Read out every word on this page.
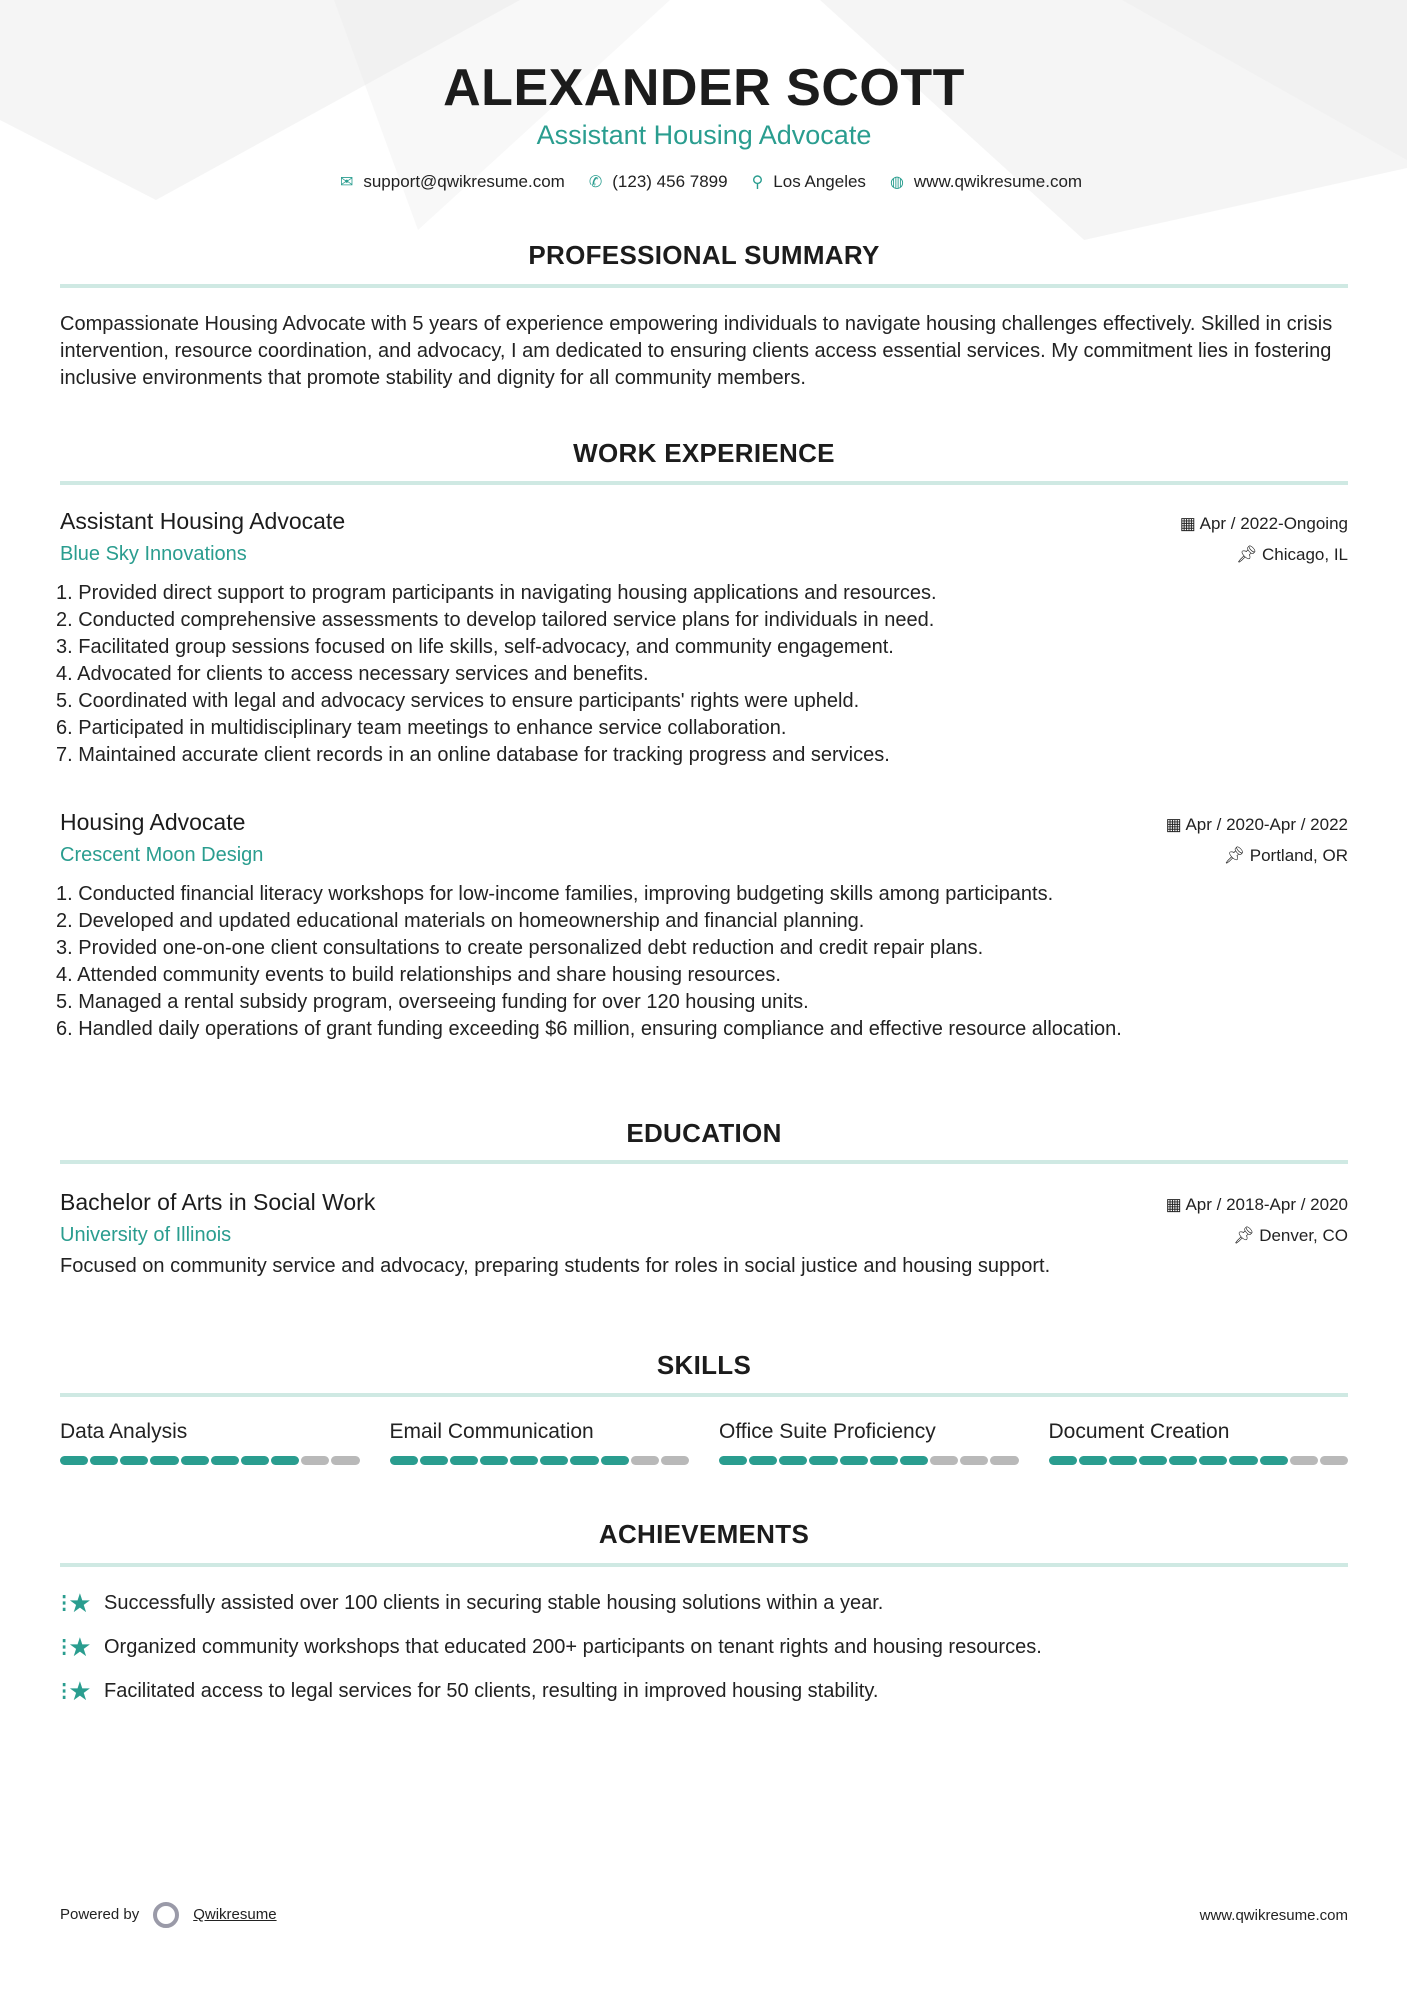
ALEXANDER SCOTT
Assistant Housing Advocate
✉ support@qwikresume.com ✆ (123) 456 7899 ⚲ Los Angeles ◍ www.qwikresume.com
PROFESSIONAL SUMMARY
Compassionate Housing Advocate with 5 years of experience empowering individuals to navigate housing challenges effectively. Skilled in crisis intervention, resource coordination, and advocacy, I am dedicated to ensuring clients access essential services. My commitment lies in fostering inclusive environments that promote stability and dignity for all community members.
WORK EXPERIENCE
Assistant Housing Advocate	▦ Apr / 2022-Ongoing
Blue Sky Innovations	📌︎ Chicago, IL
1. Provided direct support to program participants in navigating housing applications and resources.
2. Conducted comprehensive assessments to develop tailored service plans for individuals in need.
3. Facilitated group sessions focused on life skills, self-advocacy, and community engagement.
4. Advocated for clients to access necessary services and benefits.
5. Coordinated with legal and advocacy services to ensure participants' rights were upheld.
6. Participated in multidisciplinary team meetings to enhance service collaboration.
7. Maintained accurate client records in an online database for tracking progress and services.
Housing Advocate	▦ Apr / 2020-Apr / 2022
Crescent Moon Design	📌︎ Portland, OR
1. Conducted financial literacy workshops for low-income families, improving budgeting skills among participants.
2. Developed and updated educational materials on homeownership and financial planning.
3. Provided one-on-one client consultations to create personalized debt reduction and credit repair plans.
4. Attended community events to build relationships and share housing resources.
5. Managed a rental subsidy program, overseeing funding for over 120 housing units.
6. Handled daily operations of grant funding exceeding $6 million, ensuring compliance and effective resource allocation.
EDUCATION
Bachelor of Arts in Social Work	▦ Apr / 2018-Apr / 2020
University of Illinois	📌︎ Denver, CO
Focused on community service and advocacy, preparing students for roles in social justice and housing support.
SKILLS
Data Analysis	Email Communication	Office Suite Proficiency	Document Creation
ACHIEVEMENTS
⁝★ Successfully assisted over 100 clients in securing stable housing solutions within a year.
⁝★ Organized community workshops that educated 200+ participants on tenant rights and housing resources.
⁝★ Facilitated access to legal services for 50 clients, resulting in improved housing stability.
Powered by	Qwikresume	www.qwikresume.com
